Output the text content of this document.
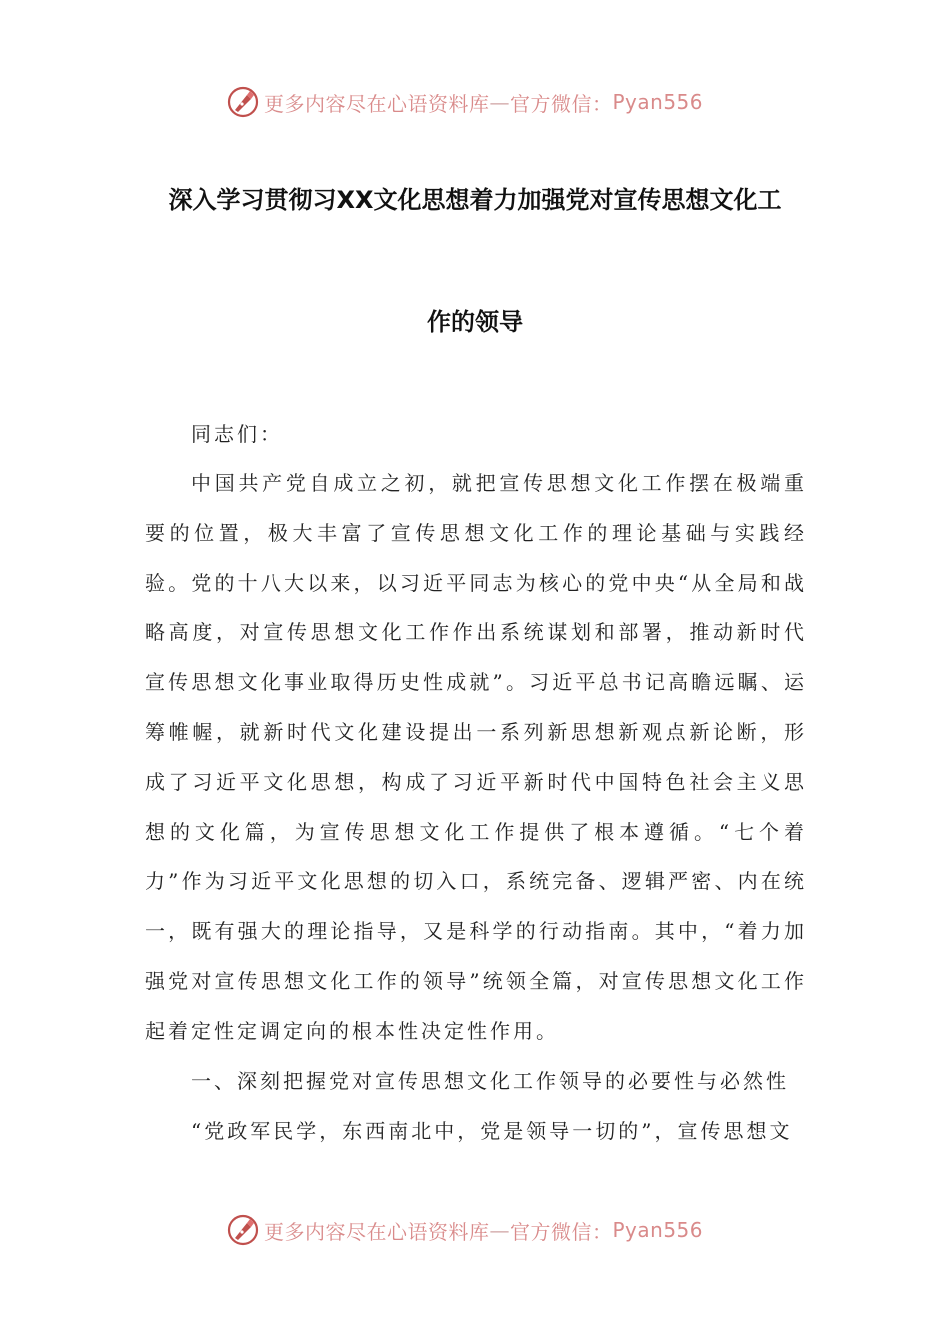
更多内容尽在心语资料库 — 官方微信： Pyan556
深入学习贯彻习XX文化思想着力加强党对宣传思想文化工
作的领导

同志们：

中国共产党自成立之初，就把宣传思想文化工作摆在极端重要的位置，极大丰富了宣传思想文化工作的理论基础与实践经验。党的十八大以来，以习近平同志为核心的党中央“从全局和战略高度，对宣传思想文化工作作出系统谋划和部署，推动新时代宣传思想文化事业取得历史性成就”。习近平总书记高瞻远瞩、运筹帷幄，就新时代文化建设提出一系列新思想新观点新论断，形成了习近平文化思想，构成了习近平新时代中国特色社会主义思想的文化篇，为宣传思想文化工作提供了根本遵循。“七个着力”作为习近平文化思想的切入口，系统完备、逻辑严密、内在统一，既有强大的理论指导，又是科学的行动指南。其中，“着力加强党对宣传思想文化工作的领导”统领全篇，对宣传思想文化工作起着定性定调定向的根本性决定性作用。

一、深刻把握党对宣传思想文化工作领导的必要性与必然性

“党政军民学，东西南北中，党是领导一切的”，宣传思想文

更多内容尽在心语资料库 — 官方微信： Pyan556
